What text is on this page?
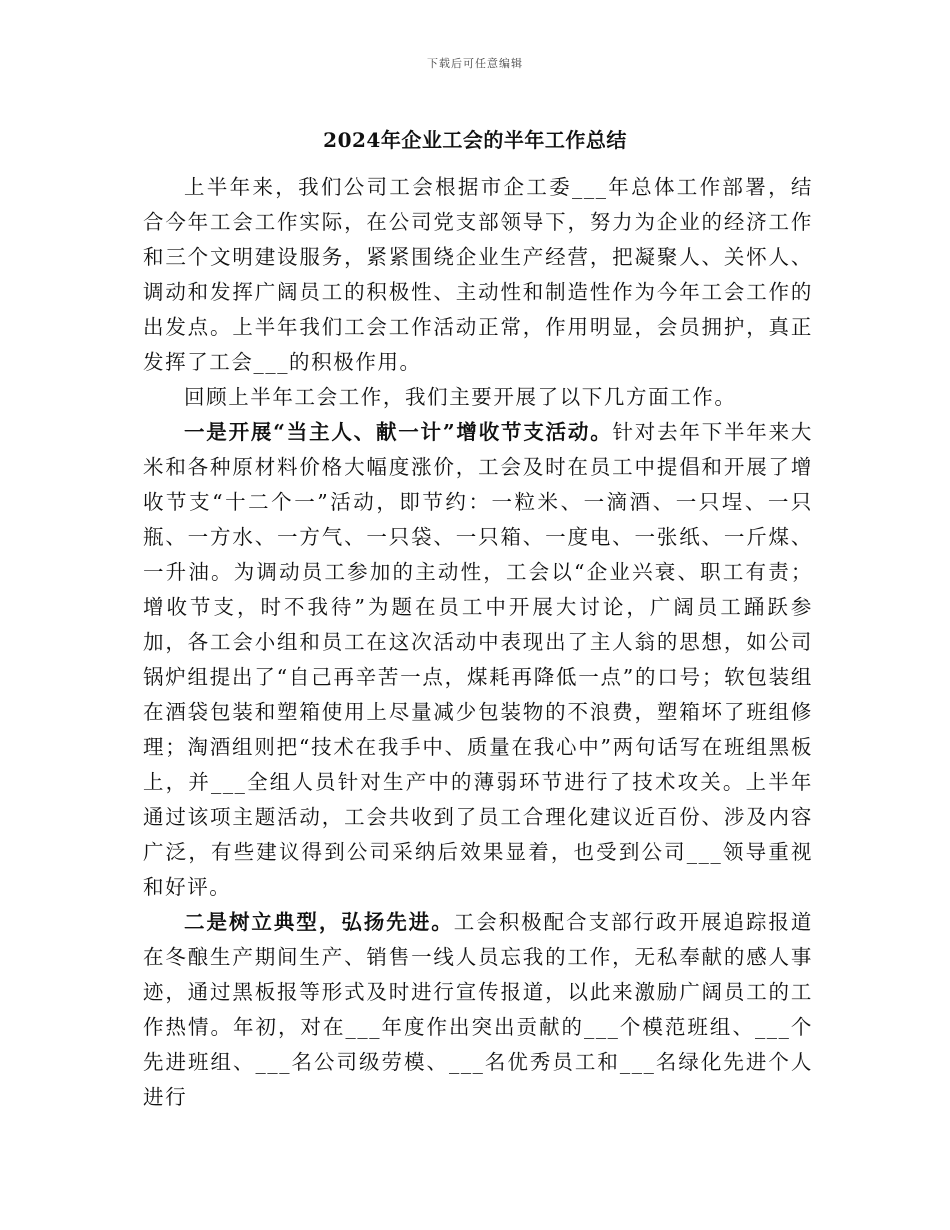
下载后可任意编辑
2024年企业工会的半年工作总结

上半年来，我们公司工会根据市企工委___年总体工作部署，结合今年工会工作实际，在公司党支部领导下，努力为企业的经济工作和三个文明建设服务，紧紧围绕企业生产经营，把凝聚人、关怀人、调动和发挥广阔员工的积极性、主动性和制造性作为今年工会工作的出发点。上半年我们工会工作活动正常，作用明显，会员拥护，真正发挥了工会___的积极作用。

回顾上半年工会工作，我们主要开展了以下几方面工作。

一是开展“当主人、献一计”增收节支活动。针对去年下半年来大米和各种原材料价格大幅度涨价，工会及时在员工中提倡和开展了增收节支“十二个一”活动，即节约：一粒米、一滴酒、一只埕、一只瓶、一方水、一方气、一只袋、一只箱、一度电、一张纸、一斤煤、一升油。为调动员工参加的主动性，工会以“企业兴衰、职工有责；增收节支，时不我待”为题在员工中开展大讨论，广阔员工踊跃参加，各工会小组和员工在这次活动中表现出了主人翁的思想，如公司锅炉组提出了“自己再辛苦一点，煤耗再降低一点”的口号；软包装组在酒袋包装和塑箱使用上尽量减少包装物的不浪费，塑箱坏了班组修理；淘酒组则把“技术在我手中、质量在我心中”两句话写在班组黑板上，并___全组人员针对生产中的薄弱环节进行了技术攻关。上半年通过该项主题活动，工会共收到了员工合理化建议近百份、涉及内容广泛，有些建议得到公司采纳后效果显着，也受到公司___领导重视和好评。

二是树立典型，弘扬先进。工会积极配合支部行政开展追踪报道在冬酿生产期间生产、销售一线人员忘我的工作，无私奉献的感人事迹，通过黑板报等形式及时进行宣传报道，以此来激励广阔员工的工作热情。年初，对在___年度作出突出贡献的___个模范班组、___个先进班组、___名公司级劳模、___名优秀员工和___名绿化先进个人进行
